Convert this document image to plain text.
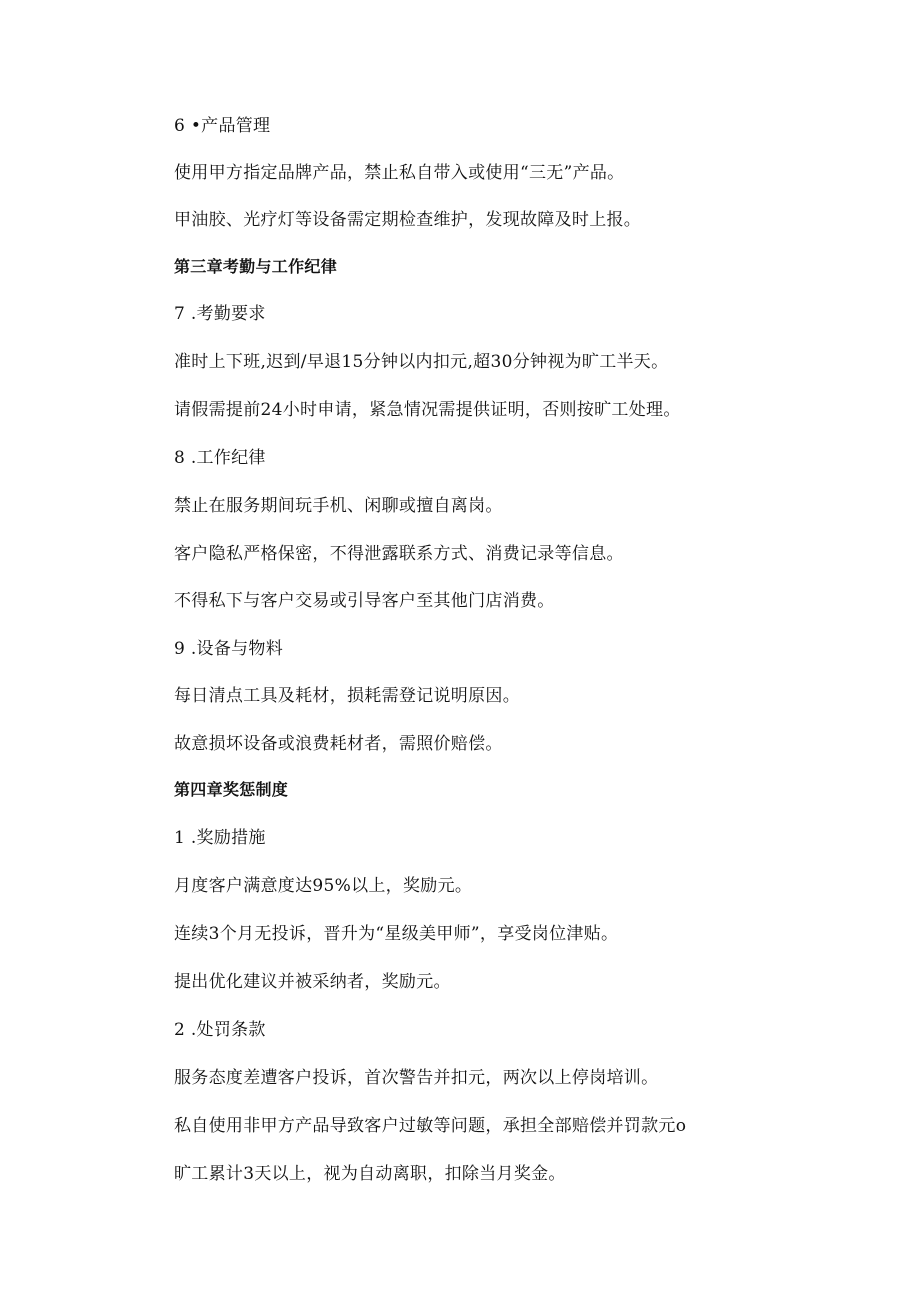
6 •产品管理

使用甲方指定品牌产品，禁止私自带入或使用“三无”产品。

甲油胶、光疗灯等设备需定期检查维护，发现故障及时上报。

第三章考勤与工作纪律

7 .考勤要求

准时上下班,迟到/早退15分钟以内扣元,超30分钟视为旷工半天。

请假需提前24小时申请，紧急情况需提供证明，否则按旷工处理。

8 .工作纪律

禁止在服务期间玩手机、闲聊或擅自离岗。

客户隐私严格保密，不得泄露联系方式、消费记录等信息。

不得私下与客户交易或引导客户至其他门店消费。

9 .设备与物料

每日清点工具及耗材，损耗需登记说明原因。

故意损坏设备或浪费耗材者，需照价赔偿。

第四章奖惩制度

1 .奖励措施

月度客户满意度达95%以上，奖励元。

连续3个月无投诉，晋升为“星级美甲师”，享受岗位津贴。

提出优化建议并被采纳者，奖励元。

2 .处罚条款

服务态度差遭客户投诉，首次警告并扣元，两次以上停岗培训。

私自使用非甲方产品导致客户过敏等问题，承担全部赔偿并罚款元o

旷工累计3天以上，视为自动离职，扣除当月奖金。
